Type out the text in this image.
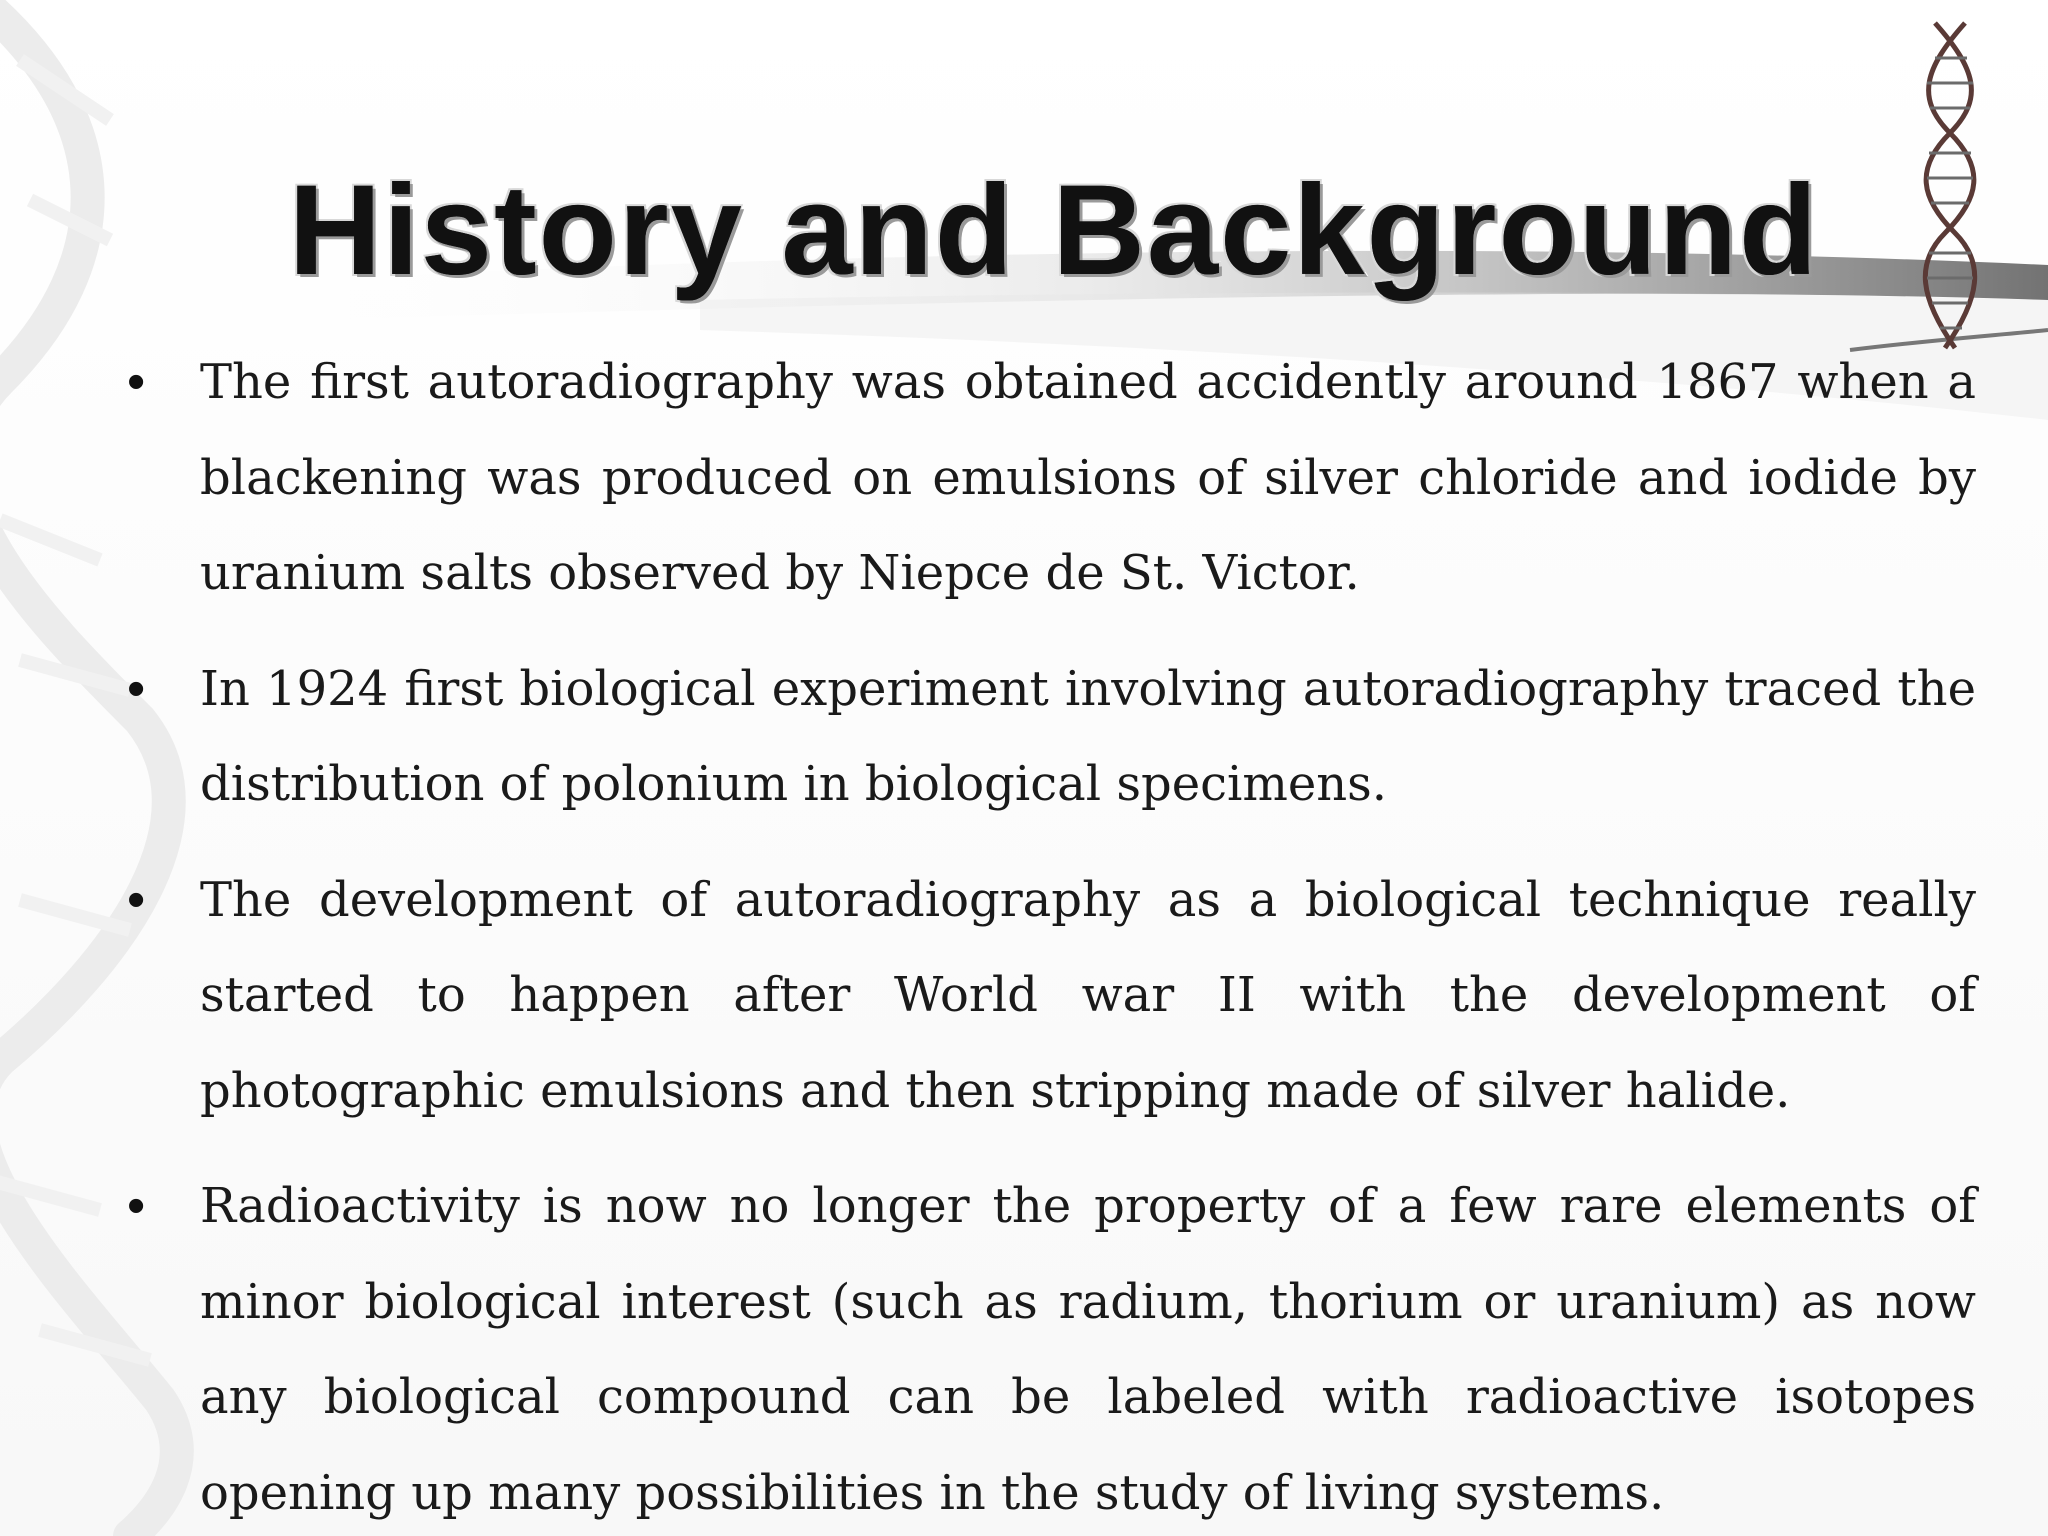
History and Background
• The first autoradiography was obtained accidently around 1867 when a blackening was produced on emulsions of silver chloride and iodide by uranium salts observed by Niepce de St. Victor.
• In 1924 first biological experiment involving autoradiography traced the distribution of polonium in biological specimens.
• The development of autoradiography as a biological technique really started to happen after World war II with the development of photographic emulsions and then stripping made of silver halide.
• Radioactivity is now no longer the property of a few rare elements of minor biological interest (such as radium, thorium or uranium) as now any biological compound can be labeled with radioactive isotopes opening up many possibilities in the study of living systems.
